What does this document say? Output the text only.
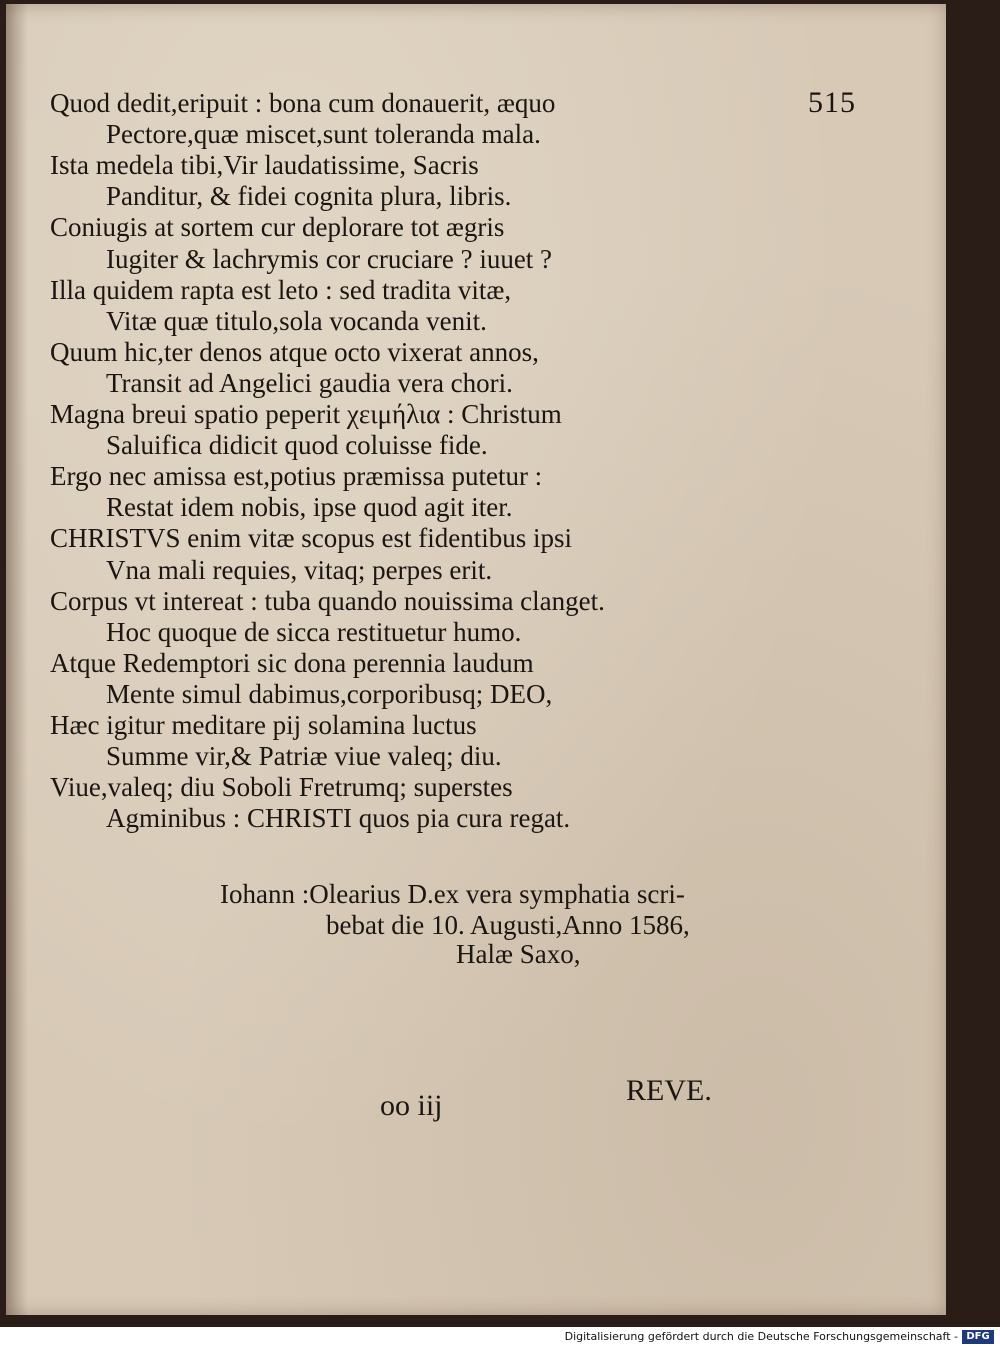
515
Quod dedit,eripuit : bona cum donauerit, æquo
Pectore,quæ miscet,sunt toleranda mala.
Ista medela tibi,Vir laudatissime, Sacris
Panditur, & fidei cognita plura, libris.
Coniugis at sortem cur deplorare tot ægris
Iugiter & lachrymis cor cruciare ? iuuet ?
Illa quidem rapta est leto : sed tradita vitæ,
Vitæ quæ titulo,sola vocanda venit.
Quum hic,ter denos atque octo vixerat annos,
Transit ad Angelici gaudia vera chori.
Magna breui spatio peperit χειμήλια : Christum
Saluifica didicit quod coluisse fide.
Ergo nec amissa est,potius præmissa putetur :
Restat idem nobis, ipse quod agit iter.
CHRISTVS enim vitæ scopus est fidentibus ipsi
Vna mali requies, vitaq; perpes erit.
Corpus vt intereat : tuba quando nouissima clanget.
Hoc quoque de sicca restituetur humo.
Atque Redemptori sic dona perennia laudum
Mente simul dabimus,corporibusq; DEO,
Hæc igitur meditare pij solamina luctus
Summe vir,& Patriæ viue valeq; diu.
Viue,valeq; diu Soboli Fretrumq; superstes
Agminibus : CHRISTI quos pia cura regat.
Iohann :Olearius D.ex vera symphatia scri-
bebat die 10. Augusti,Anno 1586,
Halæ Saxo,
oo iij	REVE.
Digitalisierung gefördert durch die Deutsche Forschungsgemeinschaft - DFG
